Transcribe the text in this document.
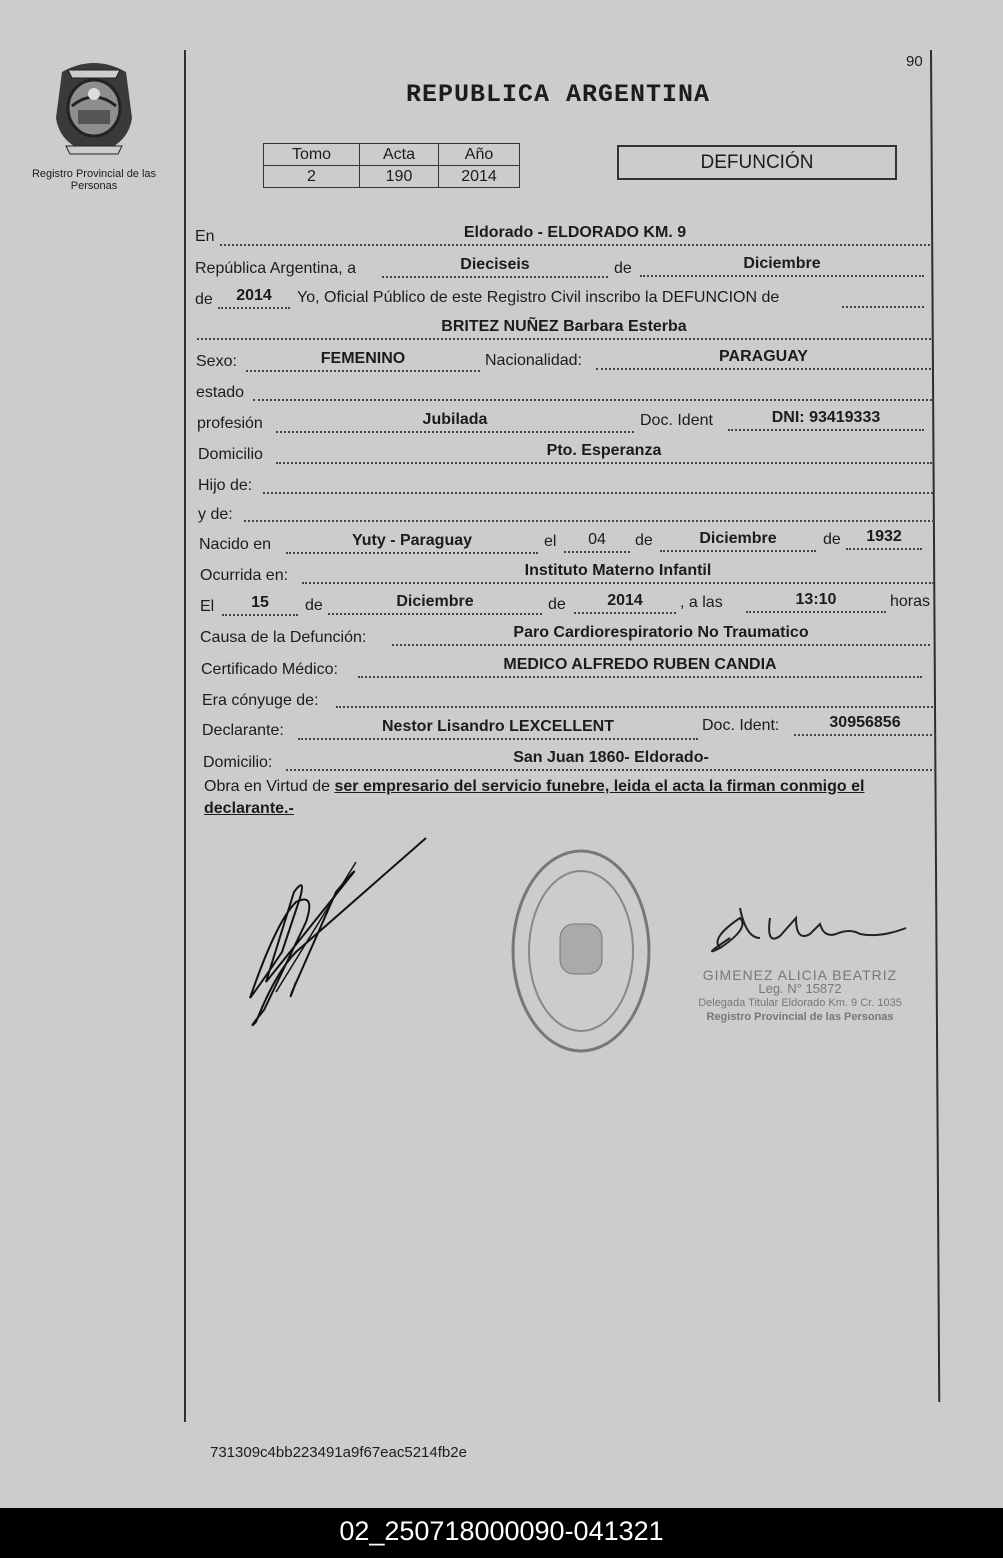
90
Registro Provincial de las Personas
REPUBLICA ARGENTINA
Tomo	Acta	Año
2	190	2014
DEFUNCIÓN
En	Eldorado - ELDORADO KM. 9
República Argentina, a	Dieciseis	de	Diciembre
de	2014	Yo, Oficial Público de este Registro Civil inscribo la DEFUNCION de
BRITEZ NUÑEZ Barbara Esterba
Sexo:	FEMENINO	Nacionalidad:	PARAGUAY
estado
profesión	Jubilada	Doc. Ident	DNI: 93419333
Domicilio	Pto. Esperanza
Hijo de:
y de:
Nacido en	Yuty - Paraguay	el	04	de	Diciembre	de	1932
Ocurrida en:	Instituto Materno Infantil
El	15	de	Diciembre	de	2014	, a las	13:10	horas
Causa de la Defunción:	Paro Cardiorespiratorio No Traumatico
Certificado Médico:	MEDICO ALFREDO RUBEN CANDIA
Era cónyuge de:
Declarante:	Nestor Lisandro LEXCELLENT	Doc. Ident:	30956856
Domicilio:	San Juan 1860- Eldorado-
Obra en Virtud de ser empresario del servicio funebre, leida el acta la firman conmigo el declarante.-
GIMENEZ ALICIA BEATRIZ
Leg. N° 15872
Delegada Titular Eldorado Km. 9 Cr. 1035
Registro Provincial de las Personas
731309c4bb223491a9f67eac5214fb2e
02_250718000090-041321
